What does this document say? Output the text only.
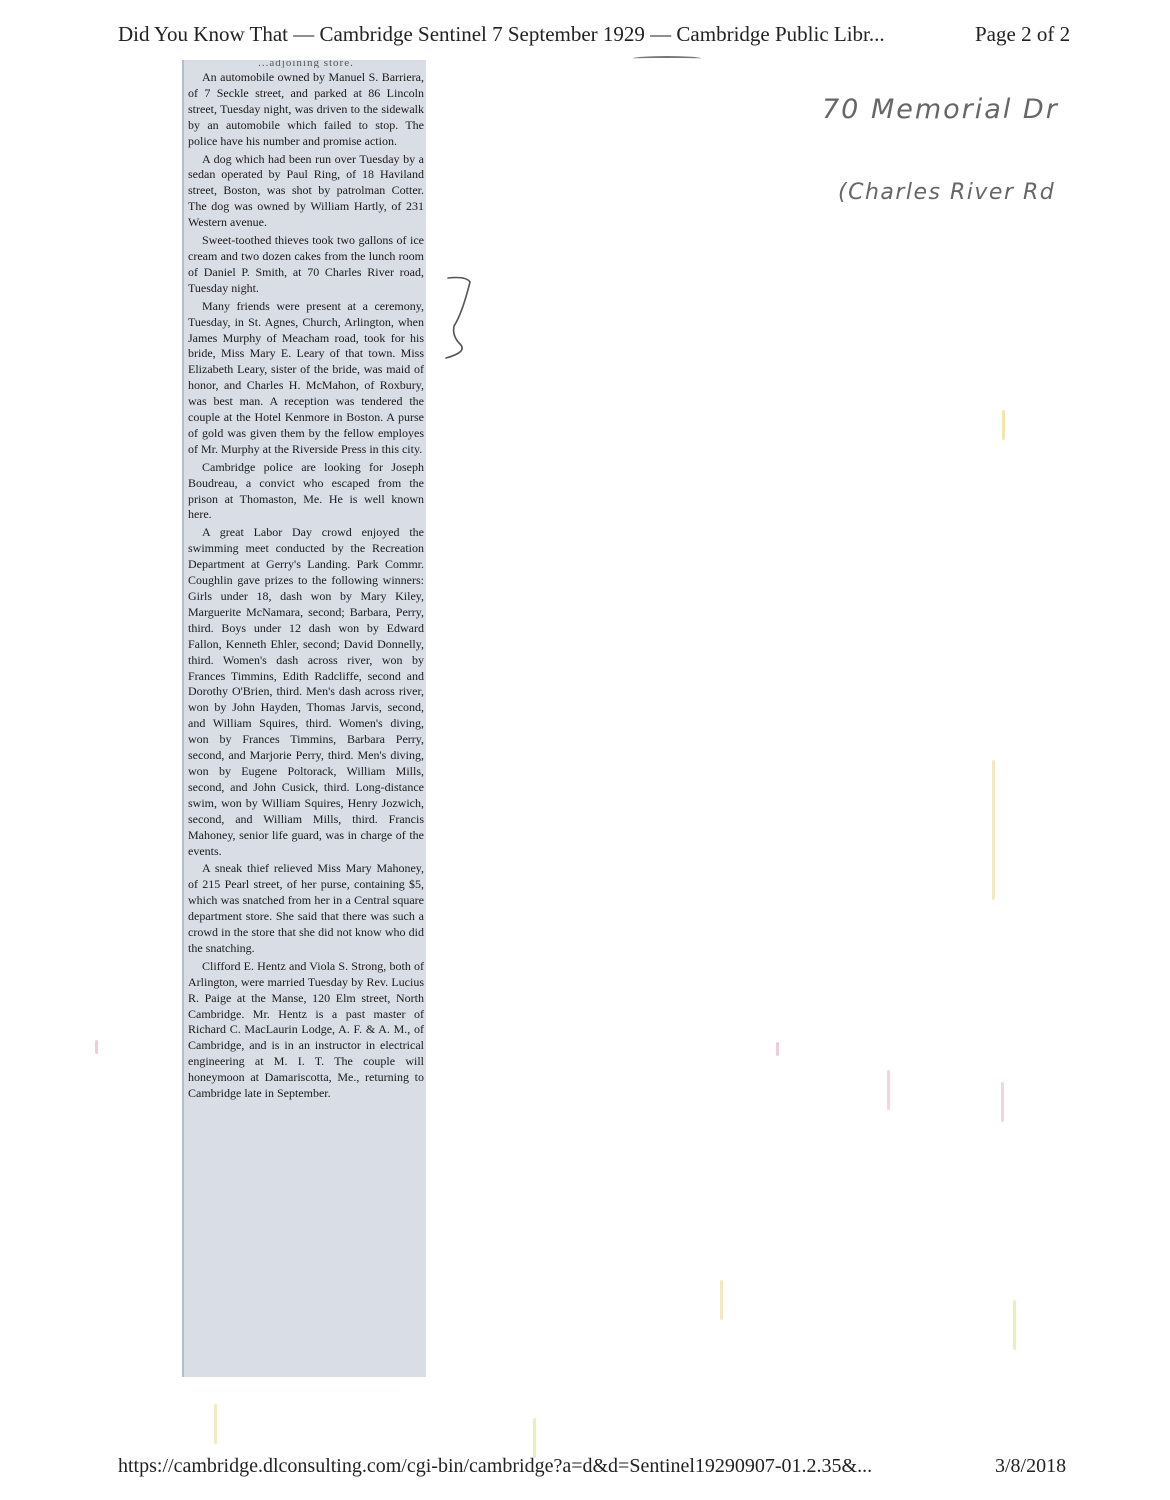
Did You Know That — Cambridge Sentinel 7 September 1929 — Cambridge Public Libr...	Page 2 of 2
...adjoining store.

An automobile owned by Manuel S. Barriera, of 7 Seckle street, and parked at 86 Lincoln street, Tuesday night, was driven to the sidewalk by an automobile which failed to stop. The police have his number and promise action.

A dog which had been run over Tuesday by a sedan operated by Paul Ring, of 18 Haviland street, Boston, was shot by patrolman Cotter. The dog was owned by William Hartly, of 231 Western avenue.

Sweet-toothed thieves took two gallons of ice cream and two dozen cakes from the lunch room of Daniel P. Smith, at 70 Charles River road, Tuesday night.

Many friends were present at a ceremony, Tuesday, in St. Agnes, Church, Arlington, when James Murphy of Meacham road, took for his bride, Miss Mary E. Leary of that town. Miss Elizabeth Leary, sister of the bride, was maid of honor, and Charles H. McMahon, of Roxbury, was best man. A reception was tendered the couple at the Hotel Kenmore in Boston. A purse of gold was given them by the fellow employes of Mr. Murphy at the Riverside Press in this city.

Cambridge police are looking for Joseph Boudreau, a convict who escaped from the prison at Thomaston, Me. He is well known here.

A great Labor Day crowd enjoyed the swimming meet conducted by the Recreation Department at Gerry's Landing. Park Commr. Coughlin gave prizes to the following winners: Girls under 18, dash won by Mary Kiley, Marguerite McNamara, second; Barbara, Perry, third. Boys under 12 dash won by Edward Fallon, Kenneth Ehler, second; David Donnelly, third. Women's dash across river, won by Frances Timmins, Edith Radcliffe, second and Dorothy O'Brien, third. Men's dash across river, won by John Hayden, Thomas Jarvis, second, and William Squires, third. Women's diving, won by Frances Timmins, Barbara Perry, second, and Marjorie Perry, third. Men's diving, won by Eugene Poltorack, William Mills, second, and John Cusick, third. Long-distance swim, won by William Squires, Henry Jozwich, second, and William Mills, third. Francis Mahoney, senior life guard, was in charge of the events.

A sneak thief relieved Miss Mary Mahoney, of 215 Pearl street, of her purse, containing $5, which was snatched from her in a Central square department store. She said that there was such a crowd in the store that she did not know who did the snatching.

Clifford E. Hentz and Viola S. Strong, both of Arlington, were married Tuesday by Rev. Lucius R. Paige at the Manse, 120 Elm street, North Cambridge. Mr. Hentz is a past master of Richard C. MacLaurin Lodge, A. F. & A. M., of Cambridge, and is in an instructor in electrical engineering at M. I. T. The couple will honeymoon at Damariscotta, Me., returning to Cambridge late in September.

70 Memorial Dr
(Charles River Rd
https://cambridge.dlconsulting.com/cgi-bin/cambridge?a=d&d=Sentinel19290907-01.2.35&...	3/8/2018
